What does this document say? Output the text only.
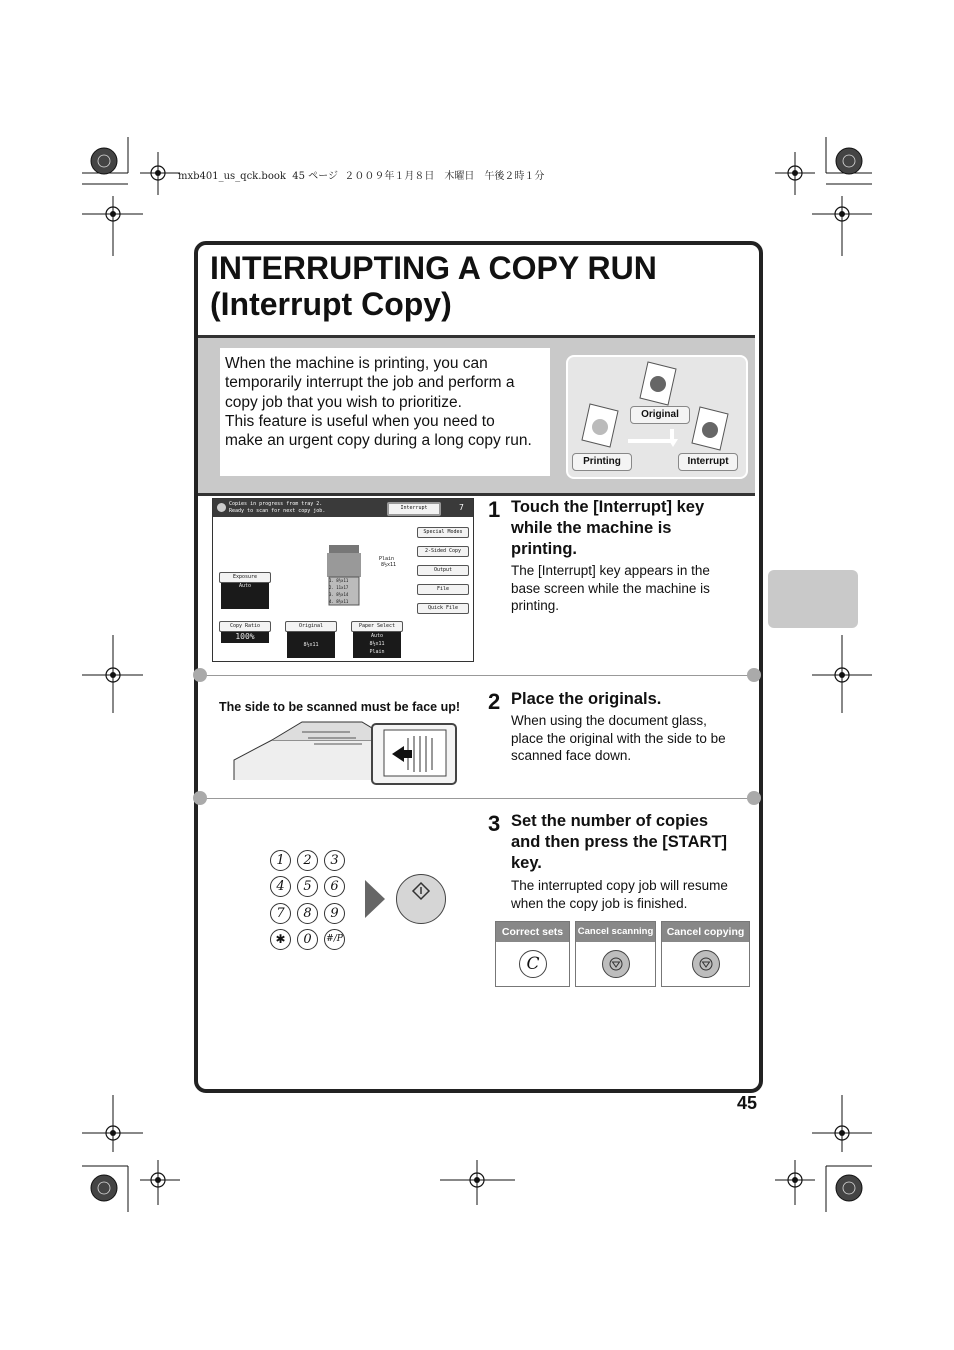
mxb401_us_qck.book  45 ページ  ２００９年１月８日　木曜日　午後２時１分
INTERRUPTING A COPY RUN
(Interrupt Copy)

When the machine is printing, you can
temporarily interrupt the job and perform a
copy job that you wish to prioritize.
This feature is useful when you need to
make an urgent copy during a long copy run.

Original
Printing	Interrupt
1 Touch the [Interrupt] key
while the machine is
printing.

The [Interrupt] key appears in the
base screen while the machine is
printing.

Copies in progress from tray 2.
Ready to scan for next copy job.	7
Interrupt
Special Modes
2-Sided Copy
Output
File
Quick File
Exposure
Auto
1. 8½x11
2. 11x17
3. 8½x14
4. 8½x11
Plain
8½x11
Copy Ratio
100%
Original
8½x11
Paper Select
Auto
8½x11
Plain
2 Place the originals.

When using the document glass,
place the original with the side to be
scanned face down.

The side to be scanned must be face up!
3 Set the number of copies
and then press the [START]
key.

The interrupted copy job will resume
when the copy job is finished.

1	2	3
4	5	6
7	8	9
✱	0	#/P
Correct sets
C
Cancel scanning	Cancel copying
45
